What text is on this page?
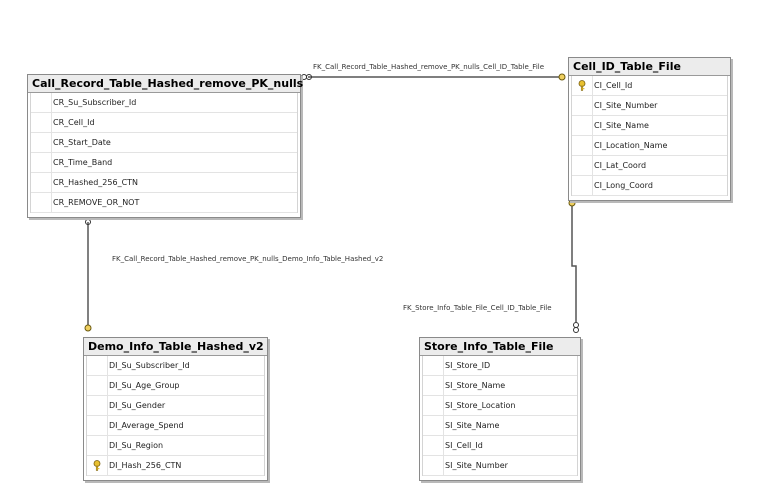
FK_Call_Record_Table_Hashed_remove_PK_nulls_Cell_ID_Table_File
FK_Call_Record_Table_Hashed_remove_PK_nulls_Demo_Info_Table_Hashed_v2
FK_Store_Info_Table_File_Cell_ID_Table_File
Call_Record_Table_Hashed_remove_PK_nulls
CR_Su_Subscriber_Id
CR_Cell_Id
CR_Start_Date
CR_Time_Band
CR_Hashed_256_CTN
CR_REMOVE_OR_NOT
Cell_ID_Table_File
CI_Cell_Id
CI_Site_Number
CI_Site_Name
CI_Location_Name
CI_Lat_Coord
CI_Long_Coord
Demo_Info_Table_Hashed_v2
DI_Su_Subscriber_Id
DI_Su_Age_Group
DI_Su_Gender
DI_Average_Spend
DI_Su_Region
DI_Hash_256_CTN
Store_Info_Table_File
SI_Store_ID
SI_Store_Name
SI_Store_Location
SI_Site_Name
SI_Cell_Id
SI_Site_Number
